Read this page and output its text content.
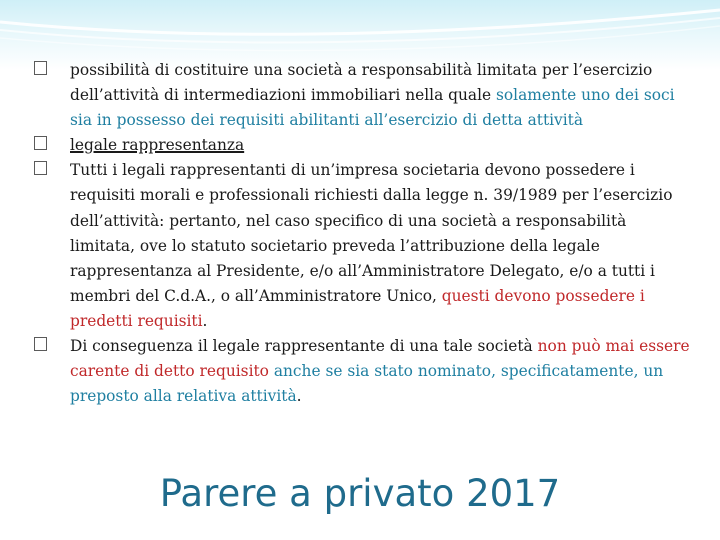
possibilità di costituire una società a responsabilità limitata per l’esercizio dell’attività di intermediazioni immobiliari nella quale solamente uno dei soci sia in possesso dei requisiti abilitanti all’esercizio di detta attività

legale rappresentanza

Tutti i legali rappresentanti di un’impresa societaria devono possedere i requisiti morali e professionali richiesti dalla legge n. 39/1989 per l’esercizio dell’attività: pertanto, nel caso specifico di una società a responsabilità limitata, ove lo statuto societario preveda l’attribuzione della legale rappresentanza al Presidente, e/o all’Amministratore Delegato, e/o a tutti i membri del C.d.A., o all’Amministratore Unico, questi devono possedere i predetti requisiti.

Di conseguenza il legale rappresentante di una tale società non può mai essere carente di detto requisito anche se sia stato nominato, specificatamente, un preposto alla relativa attività.

Parere a privato 2017
